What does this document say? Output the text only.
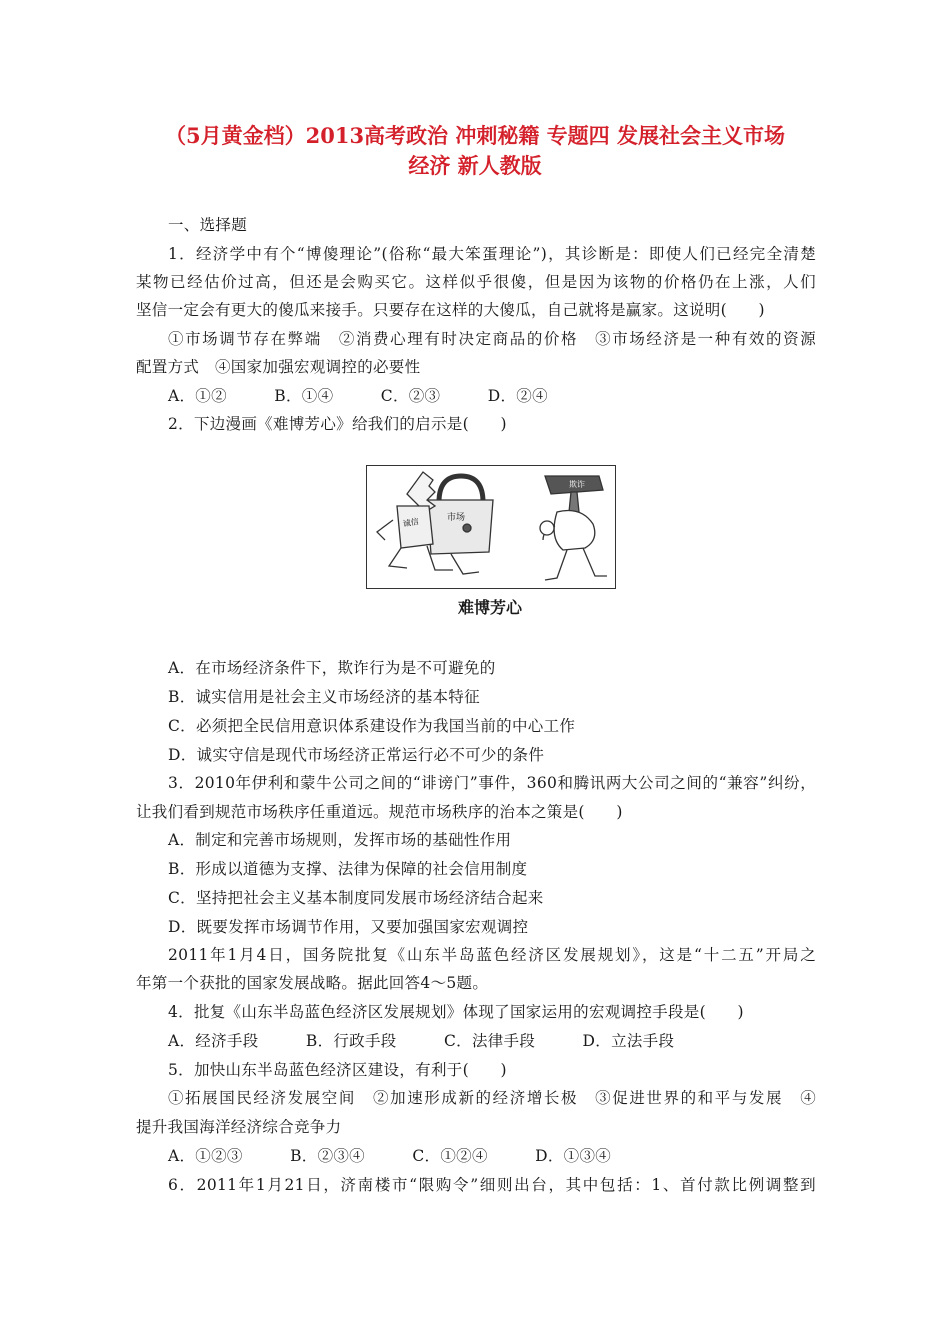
（5月黄金档）2013高考政治 冲刺秘籍 专题四 发展社会主义市场
经济 新人教版
一、选择题
1．经济学中有个“博傻理论”(俗称“最大笨蛋理论”)，其诊断是：即使人们已经完全清楚
某物已经估价过高，但还是会购买它。这样似乎很傻，但是因为该物的价格仍在上涨，人们
坚信一定会有更大的傻瓜来接手。只要存在这样的大傻瓜，自己就将是赢家。这说明(　　)
①市场调节存在弊端　②消费心理有时决定商品的价格　③市场经济是一种有效的资源
配置方式　④国家加强宏观调控的必要性
A．①②　　　B．①④　　　C．②③　　　D．②④
2．下边漫画《难博芳心》给我们的启示是(　　)
市场
诚信
欺诈
难博芳心
A．在市场经济条件下，欺诈行为是不可避免的
B．诚实信用是社会主义市场经济的基本特征
C．必须把全民信用意识体系建设作为我国当前的中心工作
D．诚实守信是现代市场经济正常运行必不可少的条件
3．2010年伊利和蒙牛公司之间的“诽谤门”事件，360和腾讯两大公司之间的“兼容”纠纷，
让我们看到规范市场秩序任重道远。规范市场秩序的治本之策是(　　)
A．制定和完善市场规则，发挥市场的基础性作用
B．形成以道德为支撑、法律为保障的社会信用制度
C．坚持把社会主义基本制度同发展市场经济结合起来
D．既要发挥市场调节作用，又要加强国家宏观调控
2011年1月4日，国务院批复《山东半岛蓝色经济区发展规划》，这是“十二五”开局之
年第一个获批的国家发展战略。据此回答4～5题。
4．批复《山东半岛蓝色经济区发展规划》体现了国家运用的宏观调控手段是(　　)
A．经济手段　　　B．行政手段　　　C．法律手段　　　D．立法手段
5．加快山东半岛蓝色经济区建设，有利于(　　)
①拓展国民经济发展空间　②加速形成新的经济增长极　③促进世界的和平与发展　④
提升我国海洋经济综合竞争力
A．①②③　　　B．②③④　　　C．①②④　　　D．①③④
6．2011年1月21日，济南楼市“限购令”细则出台，其中包括：1、首付款比例调整到
